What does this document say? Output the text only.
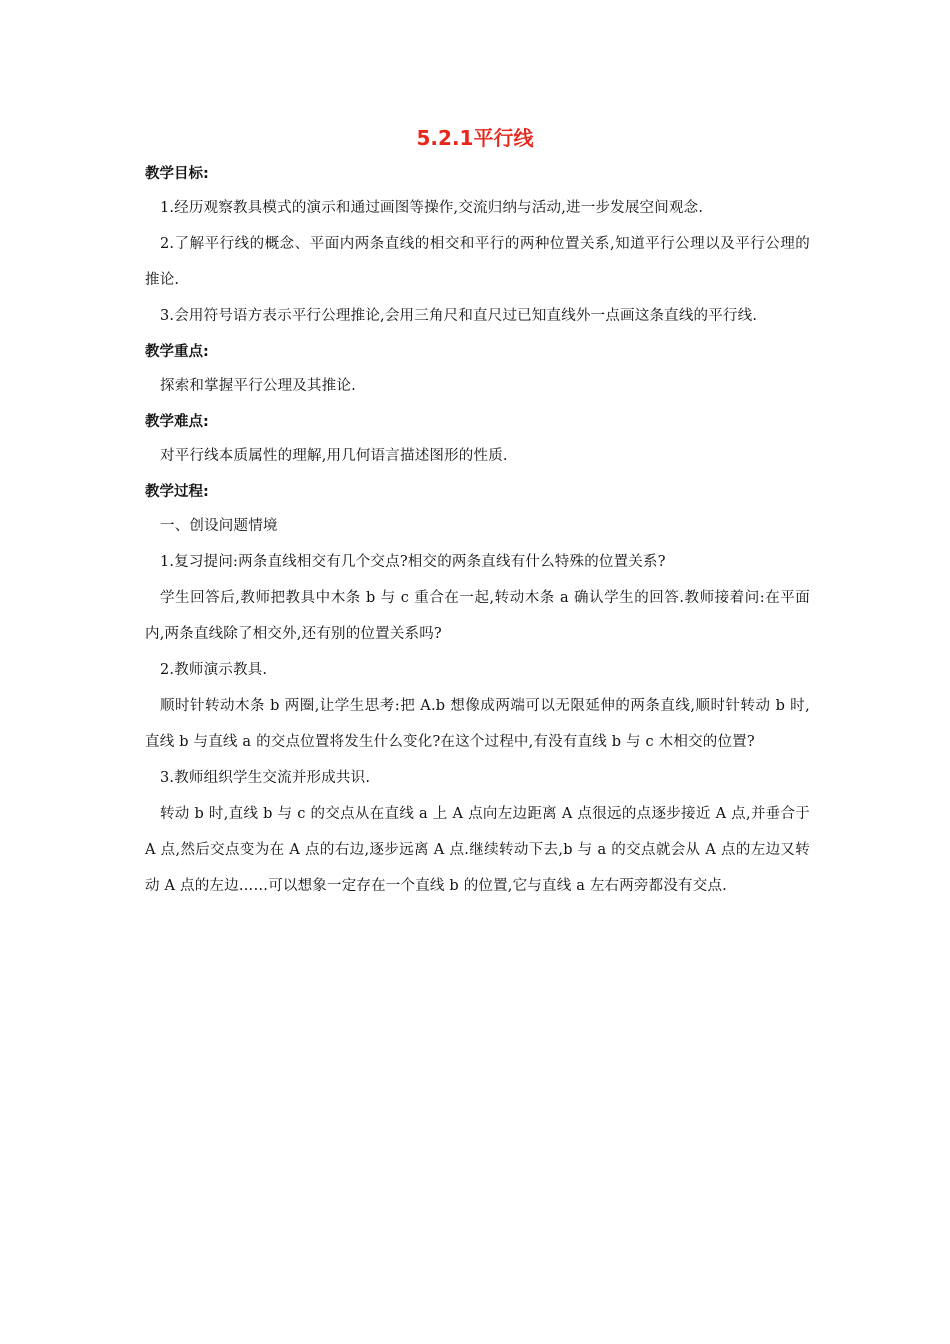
5.2.1平行线
教学目标:

1.经历观察教具模式的演示和通过画图等操作,交流归纳与活动,进一步发展空间观念.

2.了解平行线的概念、平面内两条直线的相交和平行的两种位置关系,知道平行公理以及平行公理的推论.

3.会用符号语方表示平行公理推论,会用三角尺和直尺过已知直线外一点画这条直线的平行线.

教学重点:

探索和掌握平行公理及其推论.

教学难点:

对平行线本质属性的理解,用几何语言描述图形的性质.

教学过程:

一、创设问题情境

1.复习提问:两条直线相交有几个交点?相交的两条直线有什么特殊的位置关系?

学生回答后,教师把教具中木条 b 与 c 重合在一起,转动木条 a 确认学生的回答.教师接着问:在平面内,两条直线除了相交外,还有别的位置关系吗?

2.教师演示教具.

顺时针转动木条 b 两圈,让学生思考:把 A.b 想像成两端可以无限延伸的两条直线,顺时针转动 b 时,直线 b 与直线 a 的交点位置将发生什么变化?在这个过程中,有没有直线 b 与 c 木相交的位置?

3.教师组织学生交流并形成共识.

转动 b 时,直线 b 与 c 的交点从在直线 a 上 A 点向左边距离 A 点很远的点逐步接近 A 点,并垂合于 A 点,然后交点变为在 A 点的右边,逐步远离 A 点.继续转动下去,b 与 a 的交点就会从 A 点的左边又转动 A 点的左边……可以想象一定存在一个直线 b 的位置,它与直线 a 左右两旁都没有交点.
